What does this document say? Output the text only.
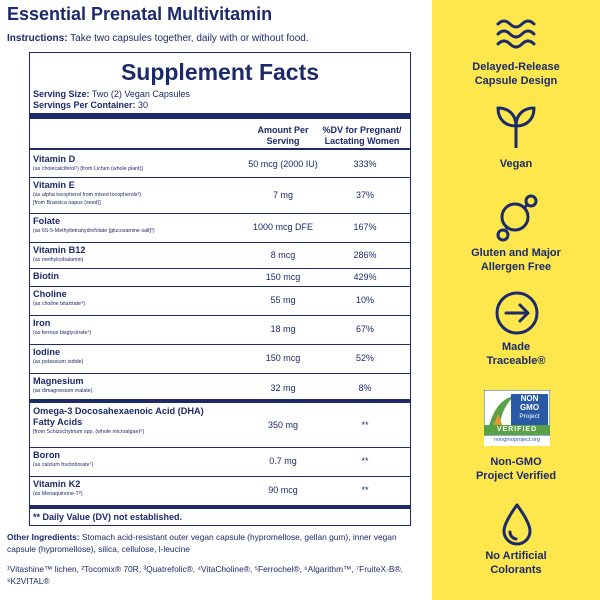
Essential Prenatal Multivitamin
Instructions: Take two capsules together, daily with or without food.
Supplement Facts
Serving Size: Two (2) Vegan Capsules
Servings Per Container: 30
Amount Per
Serving
%DV for Pregnant/
Lactating Women
Vitamin D
(as cholecalciferol¹) [from Lichen (whole plant)]	50 mcg (2000 IU)	333%
Vitamin E
(as alpha tocopherol from mixed tocopherols²)
[from Brassica napus (seed)]
7 mg	37%
Folate
(as 6S-5-Methyltetrahydrofolate [glucosamine salt]³)	1000 mcg DFE	167%
Vitamin B12
(as methylcobalamin)	8 mcg	286%
Biotin	150 mcg	429%
Choline
(as choline bitartrate⁴)	55 mg	10%
Iron
(as ferrous bisglycinate⁵)	18 mg	67%
Iodine
(as potassium iodide)	150 mcg	52%
Magnesium
(as dimagnesium malate)	32 mg	8%
Omega-3 Docosahexaenoic Acid (DHA)
Fatty Acids
[from Schizochytrium spp. (whole microalgae)⁶]
350 mg	**
Boron
(as calcium fructoborate⁷)	0.7 mg	**
Vitamin K2
(as Menaquinone-7⁸)	90 mcg	**
** Daily Value (DV) not established.
Other Ingredients: Stomach acid-resistant outer vegan capsule (hypromellose, gellan gum), inner vegan capsule (hypromellose), silica, cellulose, l-leucine
¹Vitashine™ lichen, ²Tocomix® 70R, ³Quatrefolic®, ⁴VitaCholine®, ⁵Ferrochel®, ⁶Algarithm™, ⁷FruiteX-B®, ⁸K2VITAL®
Delayed-Release
Capsule Design
Vegan
Gluten and Major
Allergen Free
Made
Traceable®
NON
GMO
Project
VERIFIED
nongmoproject.org
Non-GMO
Project Verified
No Artificial
Colorants
